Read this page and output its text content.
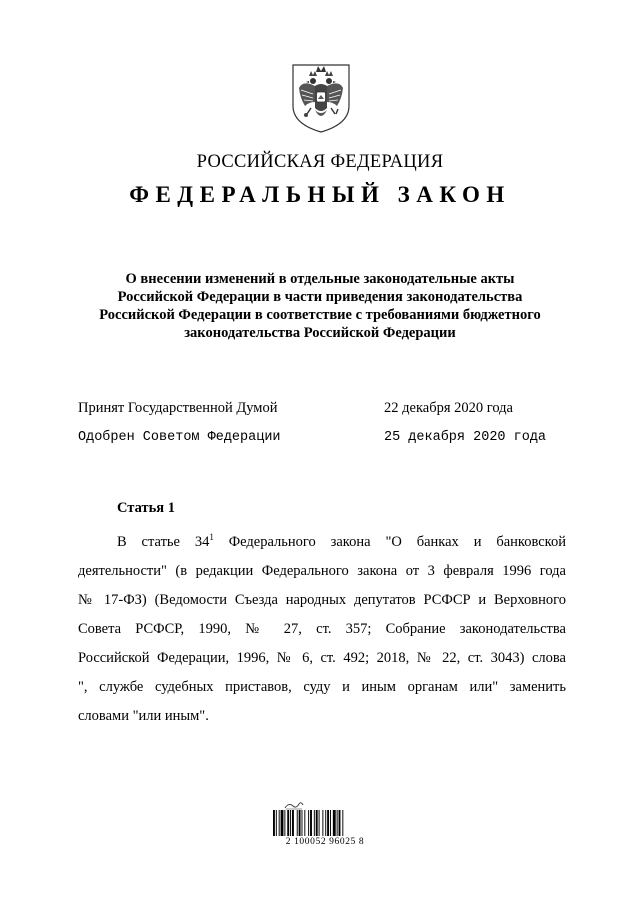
РОССИЙСКАЯ ФЕДЕРАЦИЯ
ФЕДЕРАЛЬНЫЙ ЗАКОН
О внесении изменений в отдельные законодательные акты
Российской Федерации в части приведения законодательства
Российской Федерации в соответствие с требованиями бюджетного
законодательства Российской Федерации
Принят Государственной Думой	22 декабря 2020 года
Одобрен Советом Федерации	25 декабря 2020 года
Статья 1
В статье $34^1$ Федерального закона "О банках и банковской
деятельности" (в редакции Федерального закона от 3 февраля 1996 года
№ 17-ФЗ) (Ведомости Съезда народных депутатов РСФСР и Верховного
Совета РСФСР, 1990, № 27, ст. 357; Собрание законодательства
Российской Федерации, 1996, № 6, ст. 492; 2018, № 22, ст. 3043) слова
", службе судебных приставов, суду и иным органам или" заменить
словами "или иным".
2 100052 96025 8
